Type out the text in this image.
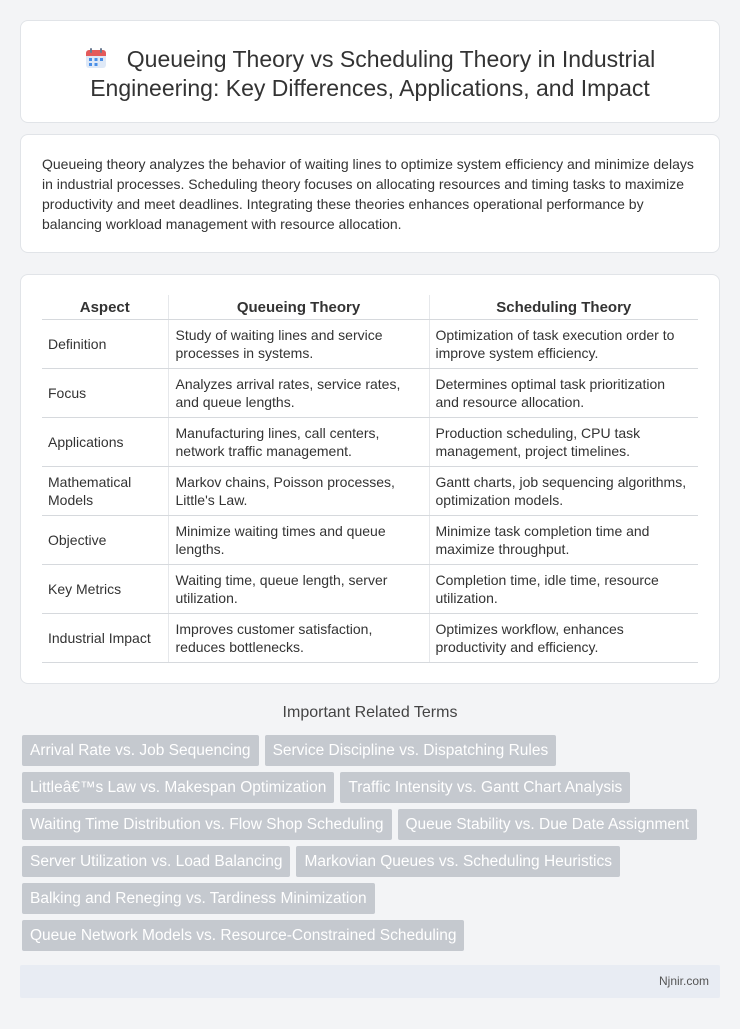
Queueing Theory vs Scheduling Theory in Industrial Engineering: Key Differences, Applications, and Impact

Queueing theory analyzes the behavior of waiting lines to optimize system efficiency and minimize delays in industrial processes. Scheduling theory focuses on allocating resources and timing tasks to maximize productivity and meet deadlines. Integrating these theories enhances operational performance by balancing workload management with resource allocation.

Aspect	Queueing Theory	Scheduling Theory
Definition	Study of waiting lines and service processes in systems.	Optimization of task execution order to improve system efficiency.
Focus	Analyzes arrival rates, service rates, and queue lengths.	Determines optimal task prioritization and resource allocation.
Applications	Manufacturing lines, call centers, network traffic management.	Production scheduling, CPU task management, project timelines.
Mathematical Models	Markov chains, Poisson processes, Little's Law.	Gantt charts, job sequencing algorithms, optimization models.
Objective	Minimize waiting times and queue lengths.	Minimize task completion time and maximize throughput.
Key Metrics	Waiting time, queue length, server utilization.	Completion time, idle time, resource utilization.
Industrial Impact	Improves customer satisfaction, reduces bottlenecks.	Optimizes workflow, enhances productivity and efficiency.
Important Related Terms
Arrival Rate vs. Job Sequencing	Service Discipline vs. Dispatching Rules
Littleâ€™s Law vs. Makespan Optimization	Traffic Intensity vs. Gantt Chart Analysis
Waiting Time Distribution vs. Flow Shop Scheduling	Queue Stability vs. Due Date Assignment
Server Utilization vs. Load Balancing	Markovian Queues vs. Scheduling Heuristics
Balking and Reneging vs. Tardiness Minimization
Queue Network Models vs. Resource-Constrained Scheduling
Njnir.com
